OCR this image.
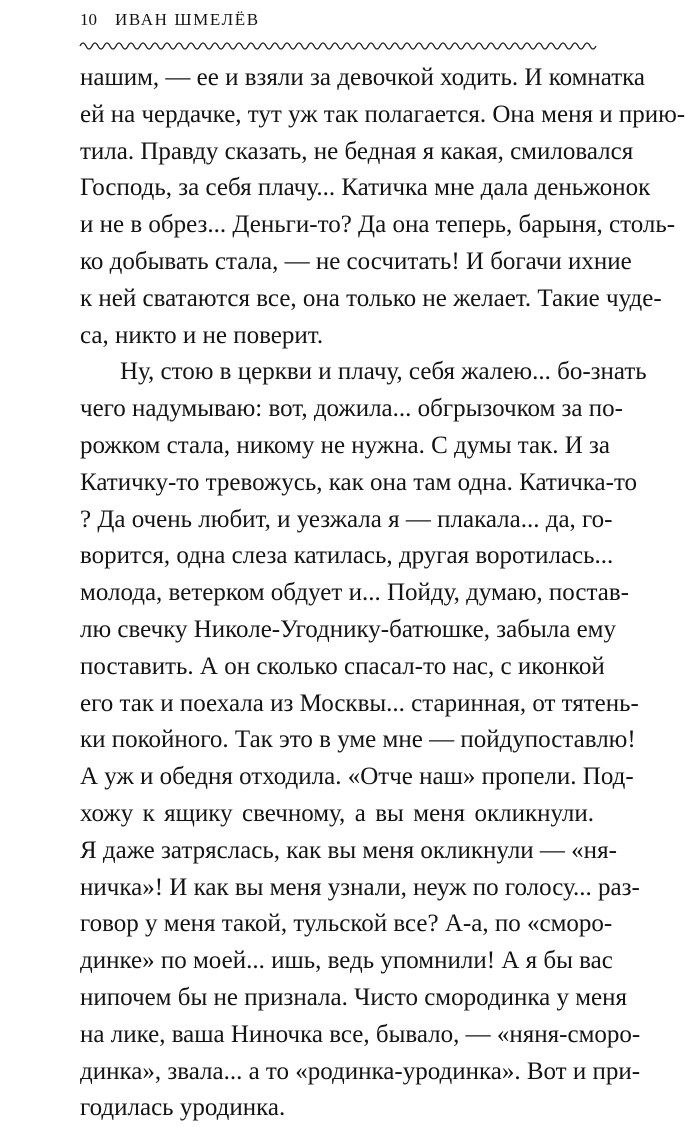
10 ИВАН ШМЕЛЁВ
нашим, — ее и взяли за девочкой ходить. И комнатка
ей на чердачке, тут уж так полагается. Она меня и прию-
тила. Правду сказать, не бедная я какая, смиловался
Господь, за себя плачу... Катичка мне дала деньжонок
и не в обрез... Деньги-то? Да она теперь, барыня, столь-
ко добывать стала, — не сосчитать! И богачи ихние
к ней сватаются все, она только не желает. Такие чуде-
са, никто и не поверит.
Ну, стою в церкви и плачу, себя жалею... бо-знать
чего надумываю: вот, дожила... обгрызочком за по-
рожком стала, никому не нужна. С думы так. И за
Катичку-то тревожусь, как она там одна. Катичка-то
? Да очень любит, и уезжала я — плакала... да, го-
ворится, одна слеза катилась, другая воротилась...
молода, ветерком обдует и... Пойду, думаю, постав-
лю свечку Николе-Угоднику-батюшке, забыла ему
поставить. А он сколько спасал-то нас, с иконкой
его так и поехала из Москвы... старинная, от тятень-
ки покойного. Так это в уме мне — пойдупоставлю!
А уж и обедня отходила. «Отче наш» пропели. Под-
хожу к ящику свечному, а вы меня окликнули.
Я даже затряслась, как вы меня окликнули — «ня-
ничка»! И как вы меня узнали, неуж по голосу... раз-
говор у меня такой, тульской все? А-а, по «сморо-
динке» по моей... ишь, ведь упомнили! А я бы вас
нипочем бы не признала. Чисто смородинка у меня
на лике, ваша Ниночка все, бывало, — «няня-сморо-
динка», звала... а то «родинка-уродинка». Вот и при-
годилась уродинка.
